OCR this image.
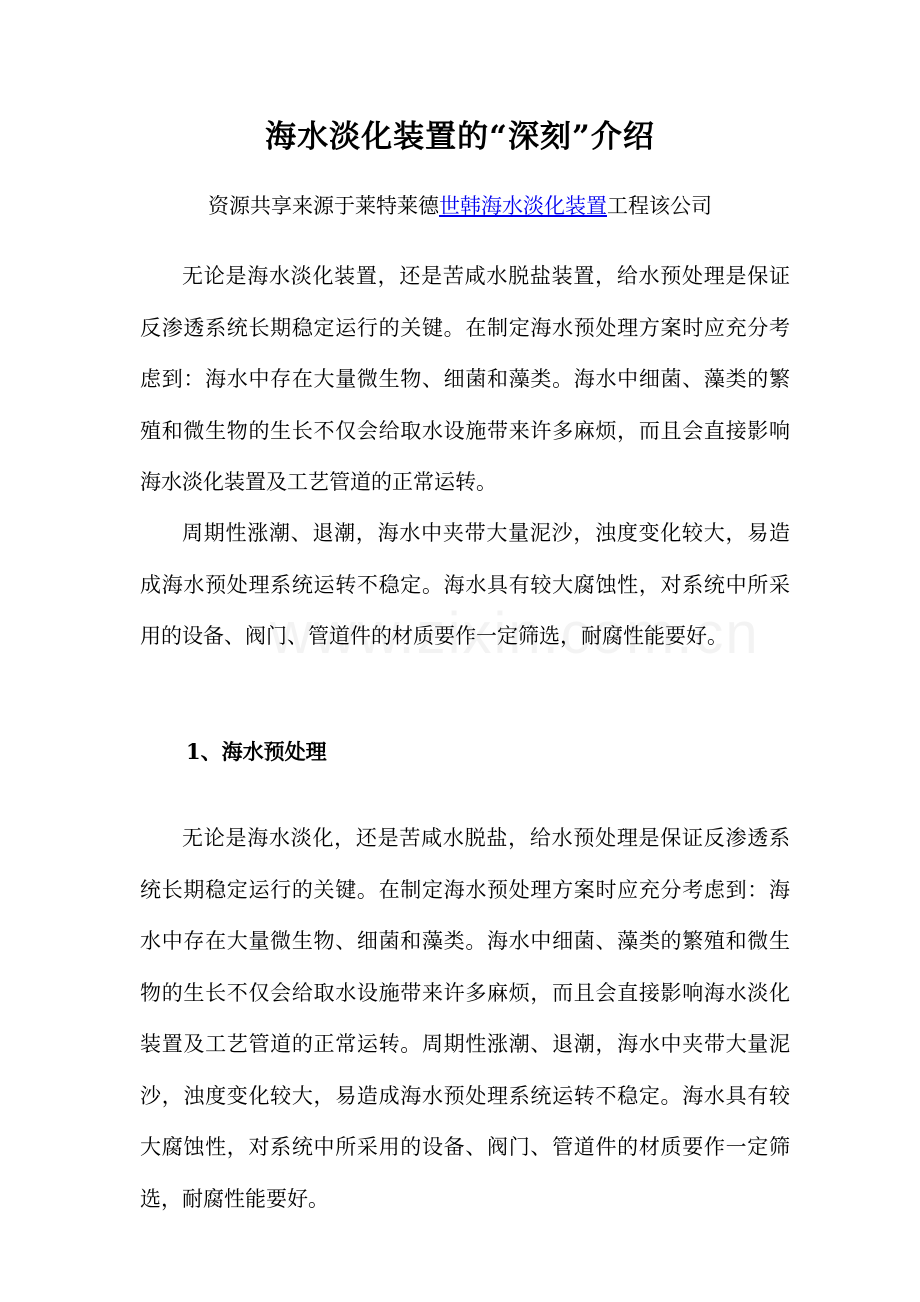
海水淡化装置的“深刻”介绍
资源共享来源于莱特莱德世韩海水淡化装置工程该公司

无论是海水淡化装置，还是苦咸水脱盐装置，给水预处理是保证反渗透系统长期稳定运行的关键。在制定海水预处理方案时应充分考虑到：海水中存在大量微生物、细菌和藻类。海水中细菌、藻类的繁殖和微生物的生长不仅会给取水设施带来许多麻烦，而且会直接影响海水淡化装置及工艺管道的正常运转。

周期性涨潮、退潮，海水中夹带大量泥沙，浊度变化较大，易造成海水预处理系统运转不稳定。海水具有较大腐蚀性，对系统中所采用的设备、阀门、管道件的材质要作一定筛选，耐腐性能要好。

1、海水预处理

无论是海水淡化，还是苦咸水脱盐，给水预处理是保证反渗透系统长期稳定运行的关键。在制定海水预处理方案时应充分考虑到：海水中存在大量微生物、细菌和藻类。海水中细菌、藻类的繁殖和微生物的生长不仅会给取水设施带来许多麻烦，而且会直接影响海水淡化装置及工艺管道的正常运转。周期性涨潮、退潮，海水中夹带大量泥沙，浊度变化较大，易造成海水预处理系统运转不稳定。海水具有较大腐蚀性，对系统中所采用的设备、阀门、管道件的材质要作一定筛选，耐腐性能要好。
